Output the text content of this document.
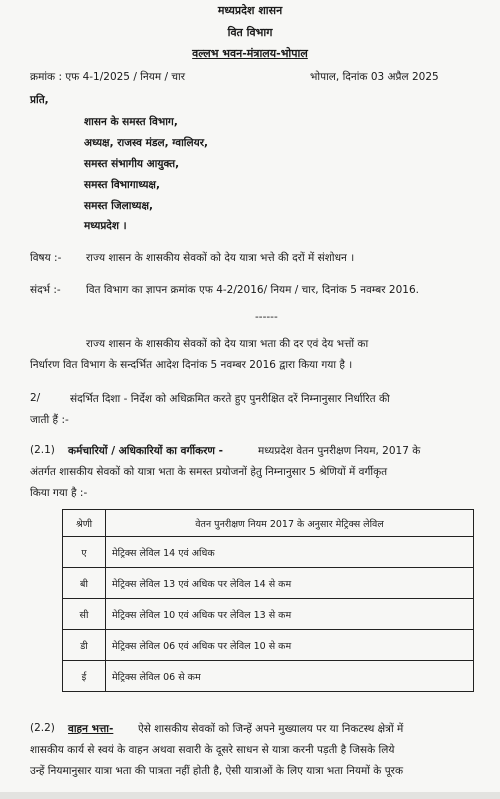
मध्यप्रदेश शासन
वित विभाग
वल्लभ भवन-मंत्रालय-भोपाल
क्रमांक : एफ 4-1/2025 / नियम / चार	भोपाल, दिनांक 03 अप्रैल 2025
प्रति,
शासन के समस्त विभाग,
अध्यक्ष, राजस्व मंडल, ग्वालियर,
समस्त संभागीय आयुक्त,
समस्त विभागाध्यक्ष,
समस्त जिलाध्यक्ष,
मध्यप्रदेश ।
विषय :- राज्य शासन के शासकीय सेवकों को देय यात्रा भत्ते की दरों में संशोधन ।
संदर्भ :- वित विभाग का ज्ञापन क्रमांक एफ 4-2/2016/ नियम / चार, दिनांक 5 नवम्बर 2016.
------
राज्य शासन के शासकीय सेवकों को देय यात्रा भता की दर एवं देय भत्तों का
निर्धारण वित विभाग के सन्दर्भित आदेश दिनांक 5 नवम्बर 2016 द्वारा किया गया है ।
2/	संदर्भित दिशा - निर्देश को अधिक्रमित करते हुए पुनरीक्षित दरें निम्नानुसार निर्धारित की
जाती हैं :-
(2.1) कर्मचारियों / अधिकारियों का वर्गीकरण -	मध्यप्रदेश वेतन पुनरीक्षण नियम, 2017 के
अंतर्गत शासकीय सेवकों को यात्रा भता के समस्त प्रयोजनों हेतु निम्नानुसार 5 श्रेणियों में वर्गीकृत
किया गया है :-
श्रेणी	वेतन पुनरीक्षण नियम 2017 के अनुसार मेट्रिक्स लेविल
ए	मेट्रिक्स लेविल 14 एवं अधिक
बी	मेट्रिक्स लेविल 13 एवं अधिक पर लेविल 14 से कम
सी	मेट्रिक्स लेविल 10 एवं अधिक पर लेविल 13 से कम
डी	मेट्रिक्स लेविल 06 एवं अधिक पर लेविल 10 से कम
ई	मेट्रिक्स लेविल 06 से कम
(2.2) वाहन भत्ता- ऐसे शासकीय सेवकों को जिन्हें अपने मुख्यालय पर या निकटस्थ क्षेत्रों में
शासकीय कार्य से स्वयं के वाहन अथवा सवारी के दूसरे साधन से यात्रा करनी पड़ती है जिसके लिये
उन्हें नियमानुसार यात्रा भता की पात्रता नहीं होती है, ऐसी यात्राओं के लिए यात्रा भता नियमों के पूरक
